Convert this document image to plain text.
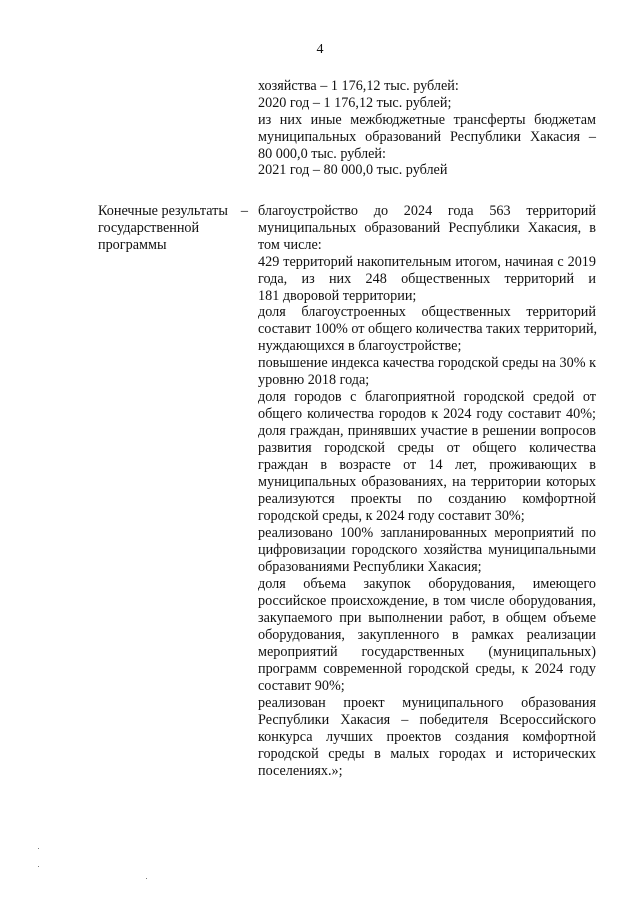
4
хозяйства – 1 176,12 тыс. рублей:
2020 год – 1 176,12 тыс. рублей;
из них иные межбюджетные трансферты бюджетам
муниципальных образований Республики Хакасия –
80 000,0 тыс. рублей:
2021 год – 80 000,0 тыс. рублей
Конечные результаты –
государственной
программы
благоустройство до 2024 года 563 территорий
муниципальных образований Республики Хакасия, в
том числе:
429 территорий накопительным итогом, начиная с 2019
года, из них 248 общественных территорий и
181 дворовой территории;
доля благоустроенных общественных территорий
составит 100% от общего количества таких территорий,
нуждающихся в благоустройстве;
повышение индекса качества городской среды на 30% к
уровню 2018 года;
доля городов с благоприятной городской средой от
общего количества городов к 2024 году составит 40%;
доля граждан, принявших участие в решении вопросов
развития городской среды от общего количества
граждан в возрасте от 14 лет, проживающих в
муниципальных образованиях, на территории которых
реализуются проекты по созданию комфортной
городской среды, к 2024 году составит 30%;
реализовано 100% запланированных мероприятий по
цифровизации городского хозяйства муниципальными
образованиями Республики Хакасия;
доля объема закупок оборудования, имеющего
российское происхождение, в том числе оборудования,
закупаемого при выполнении работ, в общем объеме
оборудования, закупленного в рамках реализации
мероприятий государственных (муниципальных)
программ современной городской среды, к 2024 году
составит 90%;
реализован проект муниципального образования
Республики Хакасия – победителя Всероссийского
конкурса лучших проектов создания комфортной
городской среды в малых городах и исторических
поселениях.»;
